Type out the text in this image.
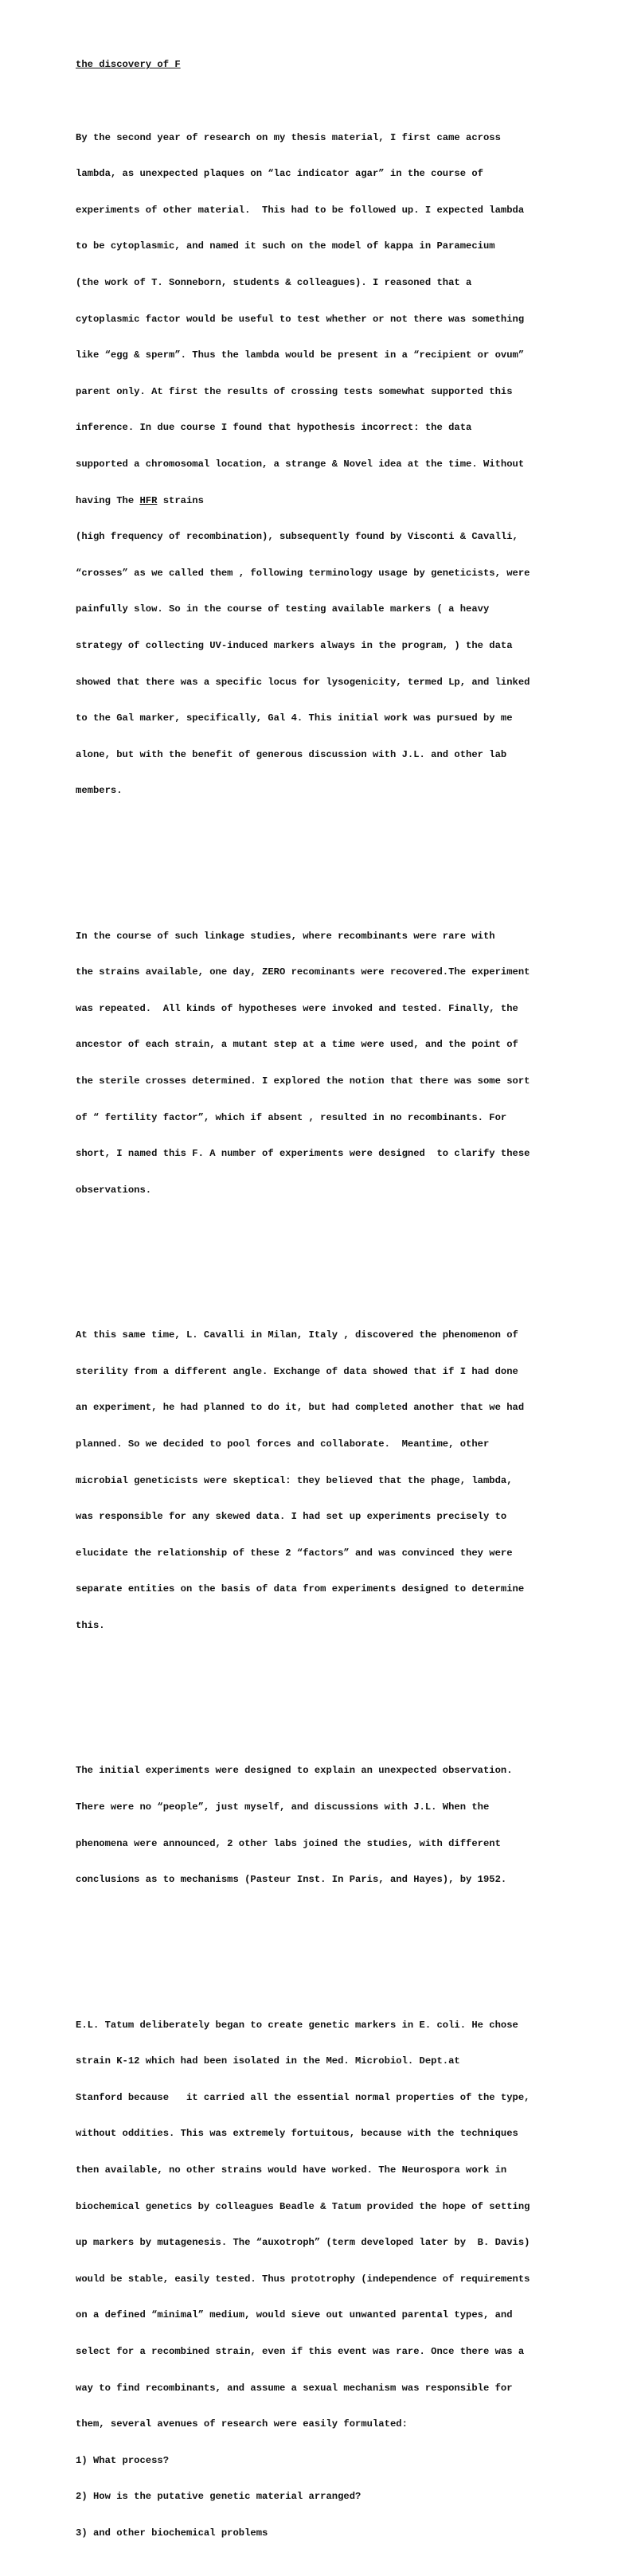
the discovery of F

By the second year of research on my thesis material, I first came across

lambda, as unexpected plaques on “lac indicator agar” in the course of

experiments of other material.  This had to be followed up. I expected lambda

to be cytoplasmic, and named it such on the model of kappa in Paramecium

(the work of T. Sonneborn, students & colleagues). I reasoned that a

cytoplasmic factor would be useful to test whether or not there was something

like “egg & sperm”. Thus the lambda would be present in a “recipient or ovum”

parent only. At first the results of crossing tests somewhat supported this

inference. In due course I found that hypothesis incorrect: the data

supported a chromosomal location, a strange & Novel idea at the time. Without

having The HFR strains

(high frequency of recombination), subsequently found by Visconti & Cavalli,

“crosses” as we called them , following terminology usage by geneticists, were

painfully slow. So in the course of testing available markers ( a heavy

strategy of collecting UV-induced markers always in the program, ) the data

showed that there was a specific locus for lysogenicity, termed Lp, and linked

to the Gal marker, specifically, Gal 4. This initial work was pursued by me

alone, but with the benefit of generous discussion with J.L. and other lab

members.

In the course of such linkage studies, where recombinants were rare with

the strains available, one day, ZERO recominants were recovered.The experiment

was repeated.  All kinds of hypotheses were invoked and tested. Finally, the

ancestor of each strain, a mutant step at a time were used, and the point of

the sterile crosses determined. I explored the notion that there was some sort

of “ fertility factor”, which if absent , resulted in no recombinants. For

short, I named this F. A number of experiments were designed  to clarify these

observations.

At this same time, L. Cavalli in Milan, Italy , discovered the phenomenon of

sterility from a different angle. Exchange of data showed that if I had done

an experiment, he had planned to do it, but had completed another that we had

planned. So we decided to pool forces and collaborate.  Meantime, other

microbial geneticists were skeptical: they believed that the phage, lambda,

was responsible for any skewed data. I had set up experiments precisely to

elucidate the relationship of these 2 “factors” and was convinced they were

separate entities on the basis of data from experiments designed to determine

this.

The initial experiments were designed to explain an unexpected observation.

There were no “people”, just myself, and discussions with J.L. When the

phenomena were announced, 2 other labs joined the studies, with different

conclusions as to mechanisms (Pasteur Inst. In Paris, and Hayes), by 1952.

E.L. Tatum deliberately began to create genetic markers in E. coli. He chose

strain K-12 which had been isolated in the Med. Microbiol. Dept.at

Stanford because   it carried all the essential normal properties of the type,

without oddities. This was extremely fortuitous, because with the techniques

then available, no other strains would have worked. The Neurospora work in

biochemical genetics by colleagues Beadle & Tatum provided the hope of setting

up markers by mutagenesis. The “auxotroph” (term developed later by  B. Davis)

would be stable, easily tested. Thus prototrophy (independence of requirements

on a defined “minimal” medium, would sieve out unwanted parental types, and

select for a recombined strain, even if this event was rare. Once there was a

way to find recombinants, and assume a sexual mechanism was responsible for

them, several avenues of research were easily formulated:

1) What process?

2) How is the putative genetic material arranged?

3) and other biochemical problems
